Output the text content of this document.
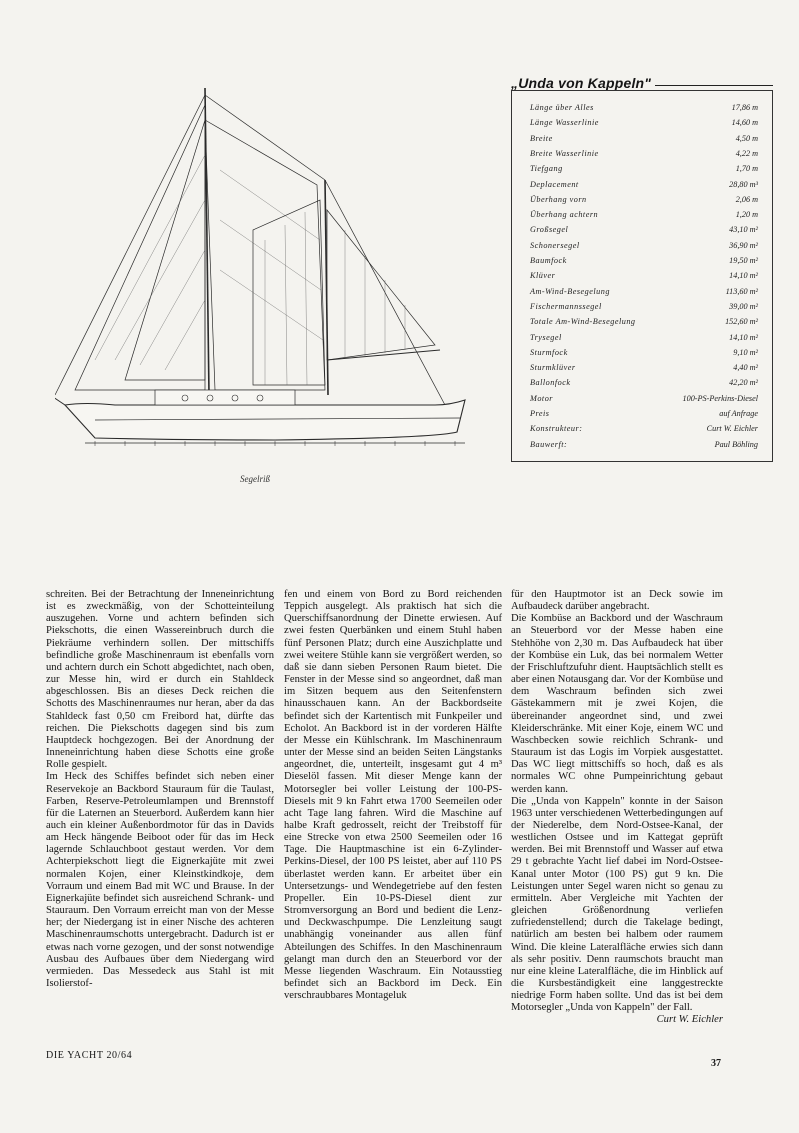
Segelriß
„Unda von Kappeln"
Länge über Alles	17,86 m
Länge Wasserlinie	14,60 m
Breite	4,50 m
Breite Wasserlinie	4,22 m
Tiefgang	1,70 m
Deplacement	28,80 m³
Überhang vorn	2,06 m
Überhang achtern	1,20 m
Großsegel	43,10 m²
Schonersegel	36,90 m²
Baumfock	19,50 m²
Klüver	14,10 m²
Am-Wind-Besegelung	113,60 m²
Fischermannssegel	39,00 m²
Totale Am-Wind-Besegelung	152,60 m²
Trysegel	14,10 m²
Sturmfock	9,10 m²
Sturmklüver	4,40 m²
Ballonfock	42,20 m²
Motor	100-PS-Perkins-Diesel
Preis	auf Anfrage
Konstrukteur:	Curt W. Eichler
Bauwerft:	Paul Böhling

schreiten. Bei der Betrachtung der Inneneinrichtung ist es zweckmäßig, von der Schotteinteilung auszugehen. Vorne und achtern befinden sich Piekschotts, die einen Wassereinbruch durch die Piekräume verhindern sollen. Der mittschiffs befindliche große Maschinenraum ist ebenfalls vorn und achtern durch ein Schott abgedichtet, nach oben, zur Messe hin, wird er durch ein Stahldeck abgeschlossen. Bis an dieses Deck reichen die Schotts des Maschinenraumes nur heran, aber da das Stahldeck fast 0,50 cm Freibord hat, dürfte das reichen. Die Piekschotts dagegen sind bis zum Hauptdeck hochgezogen. Bei der Anordnung der Inneneinrichtung haben diese Schotts eine große Rolle gespielt.

Im Heck des Schiffes befindet sich neben einer Reservekoje an Backbord Stauraum für die Taulast, Farben, Reserve-Petroleumlampen und Brennstoff für die Laternen an Steuerbord. Außerdem kann hier auch ein kleiner Außenbordmotor für das in Davids am Heck hängende Beiboot oder für das im Heck lagernde Schlauchboot gestaut werden. Vor dem Achterpiekschott liegt die Eignerkajüte mit zwei normalen Kojen, einer Kleinstkindkoje, dem Vorraum und einem Bad mit WC und Brause. In der Eignerkajüte befindet sich ausreichend Schrank- und Stauraum. Den Vorraum erreicht man von der Messe her; der Niedergang ist in einer Nische des achteren Maschinenraumschotts untergebracht. Dadurch ist er etwas nach vorne gezogen, und der sonst notwendige Ausbau des Aufbaues über dem Niedergang wird vermieden. Das Messedeck aus Stahl ist mit Isolierstof-

fen und einem von Bord zu Bord reichenden Teppich ausgelegt. Als praktisch hat sich die Querschiffsanordnung der Dinette erwiesen. Auf zwei festen Querbänken und einem Stuhl haben fünf Personen Platz; durch eine Auszichplatte und zwei weitere Stühle kann sie vergrößert werden, so daß sie dann sieben Personen Raum bietet. Die Fenster in der Messe sind so angeordnet, daß man im Sitzen bequem aus den Seitenfenstern hinausschauen kann. An der Backbordseite befindet sich der Kartentisch mit Funkpeiler und Echolot. An Backbord ist in der vorderen Hälfte der Messe ein Kühlschrank. Im Maschinenraum unter der Messe sind an beiden Seiten Längstanks angeordnet, die, unterteilt, insgesamt gut 4 m³ Dieselöl fassen. Mit dieser Menge kann der Motorsegler bei voller Leistung der 100-PS-Diesels mit 9 kn Fahrt etwa 1700 Seemeilen oder acht Tage lang fahren. Wird die Maschine auf halbe Kraft gedrosselt, reicht der Treibstoff für eine Strecke von etwa 2500 Seemeilen oder 16 Tage. Die Hauptmaschine ist ein 6-Zylinder-Perkins-Diesel, der 100 PS leistet, aber auf 110 PS überlastet werden kann. Er arbeitet über ein Untersetzungs- und Wendegetriebe auf den festen Propeller. Ein 10-PS-Diesel dient zur Stromversorgung an Bord und bedient die Lenz- und Deckwaschpumpe. Die Lenzleitung saugt unabhängig voneinander aus allen fünf Abteilungen des Schiffes. In den Maschinenraum gelangt man durch den an Steuerbord vor der Messe liegenden Waschraum. Ein Notausstieg befindet sich an Backbord im Deck. Ein verschraubbares Montageluk

für den Hauptmotor ist an Deck sowie im Aufbaudeck darüber angebracht.

Die Kombüse an Backbord und der Waschraum an Steuerbord vor der Messe haben eine Stehhöhe von 2,30 m. Das Aufbaudeck hat über der Kombüse ein Luk, das bei normalem Wetter der Frischluftzufuhr dient. Hauptsächlich stellt es aber einen Notausgang dar. Vor der Kombüse und dem Waschraum befinden sich zwei Gästekammern mit je zwei Kojen, die übereinander angeordnet sind, und zwei Kleiderschränke. Mit einer Koje, einem WC und Waschbecken sowie reichlich Schrank- und Stauraum ist das Logis im Vorpiek ausgestattet. Das WC liegt mittschiffs so hoch, daß es als normales WC ohne Pumpeinrichtung gebaut werden kann.

Die „Unda von Kappeln" konnte in der Saison 1963 unter verschiedenen Wetterbedingungen auf der Niederelbe, dem Nord-Ostsee-Kanal, der westlichen Ostsee und im Kattegat geprüft werden. Bei mit Brennstoff und Wasser auf etwa 29 t gebrachte Yacht lief dabei im Nord-Ostsee-Kanal unter Motor (100 PS) gut 9 kn. Die Leistungen unter Segel waren nicht so genau zu ermitteln. Aber Vergleiche mit Yachten der gleichen Größenordnung verliefen zufriedenstellend; durch die Takelage bedingt, natürlich am besten bei halbem oder raumem Wind. Die kleine Lateralfläche erwies sich dann als sehr positiv. Denn raumschots braucht man nur eine kleine Lateralfläche, die im Hinblick auf die Kursbeständigkeit eine langgestreckte niedrige Form haben sollte. Und das ist bei dem Motorsegler „Unda von Kappeln" der Fall.
Curt W. Eichler

DIE YACHT 20/64
37
